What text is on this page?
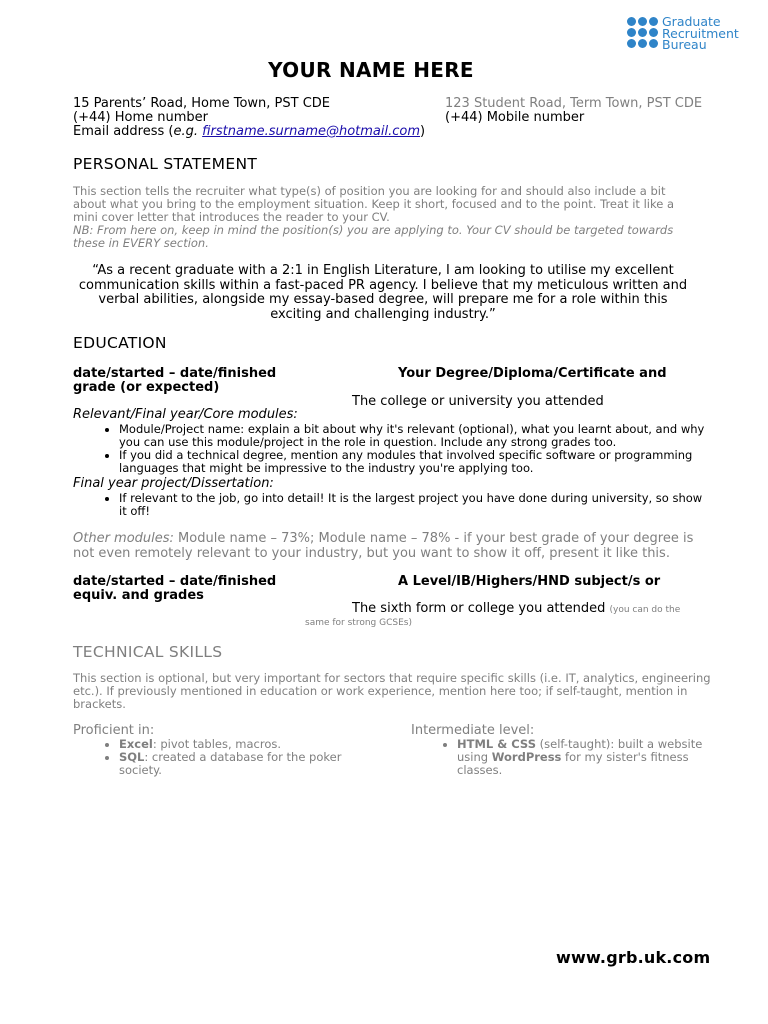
Graduate
Recruitment
Bureau
YOUR NAME HERE
15 Parents’ Road, Home Town, PST CDE
(+44) Home number
Email address (e.g. firstname.surname@hotmail.com)
123 Student Road, Term Town, PST CDE
(+44) Mobile number
PERSONAL STATEMENT
This section tells the recruiter what type(s) of position you are looking for and should also include a bit about what you bring to the employment situation. Keep it short, focused and to the point. Treat it like a mini cover letter that introduces the reader to your CV.
NB: From here on, keep in mind the position(s) you are applying to. Your CV should be targeted towards these in EVERY section.
“As a recent graduate with a 2:1 in English Literature, I am looking to utilise my excellent communication skills within a fast-paced PR agency. I believe that my meticulous written and verbal abilities, alongside my essay-based degree, will prepare me for a role within this exciting and challenging industry.”
EDUCATION
date/started – date/finished	Your Degree/Diploma/Certificate and
grade (or expected)
The college or university you attended
Relevant/Final year/Core modules:
• Module/Project name: explain a bit about why it's relevant (optional), what you learnt about, and why you can use this module/project in the role in question. Include any strong grades too.
• If you did a technical degree, mention any modules that involved specific software or programming languages that might be impressive to the industry you're applying too.
Final year project/Dissertation:
• If relevant to the job, go into detail! It is the largest project you have done during university, so show it off!
Other modules: Module name – 73%; Module name – 78% - if your best grade of your degree is not even remotely relevant to your industry, but you want to show it off, present it like this.
date/started – date/finished	A Level/IB/Highers/HND subject/s or
equiv. and grades
The sixth form or college you attended (you can do the same for strong GCSEs)
TECHNICAL SKILLS
This section is optional, but very important for sectors that require specific skills (i.e. IT, analytics, engineering etc.). If previously mentioned in education or work experience, mention here too; if self-taught, mention in brackets.
Proficient in:
• Excel: pivot tables, macros.
• SQL: created a database for the poker society.
Intermediate level:
• HTML & CSS (self-taught): built a website using WordPress for my sister's fitness classes.
www.grb.uk.com
